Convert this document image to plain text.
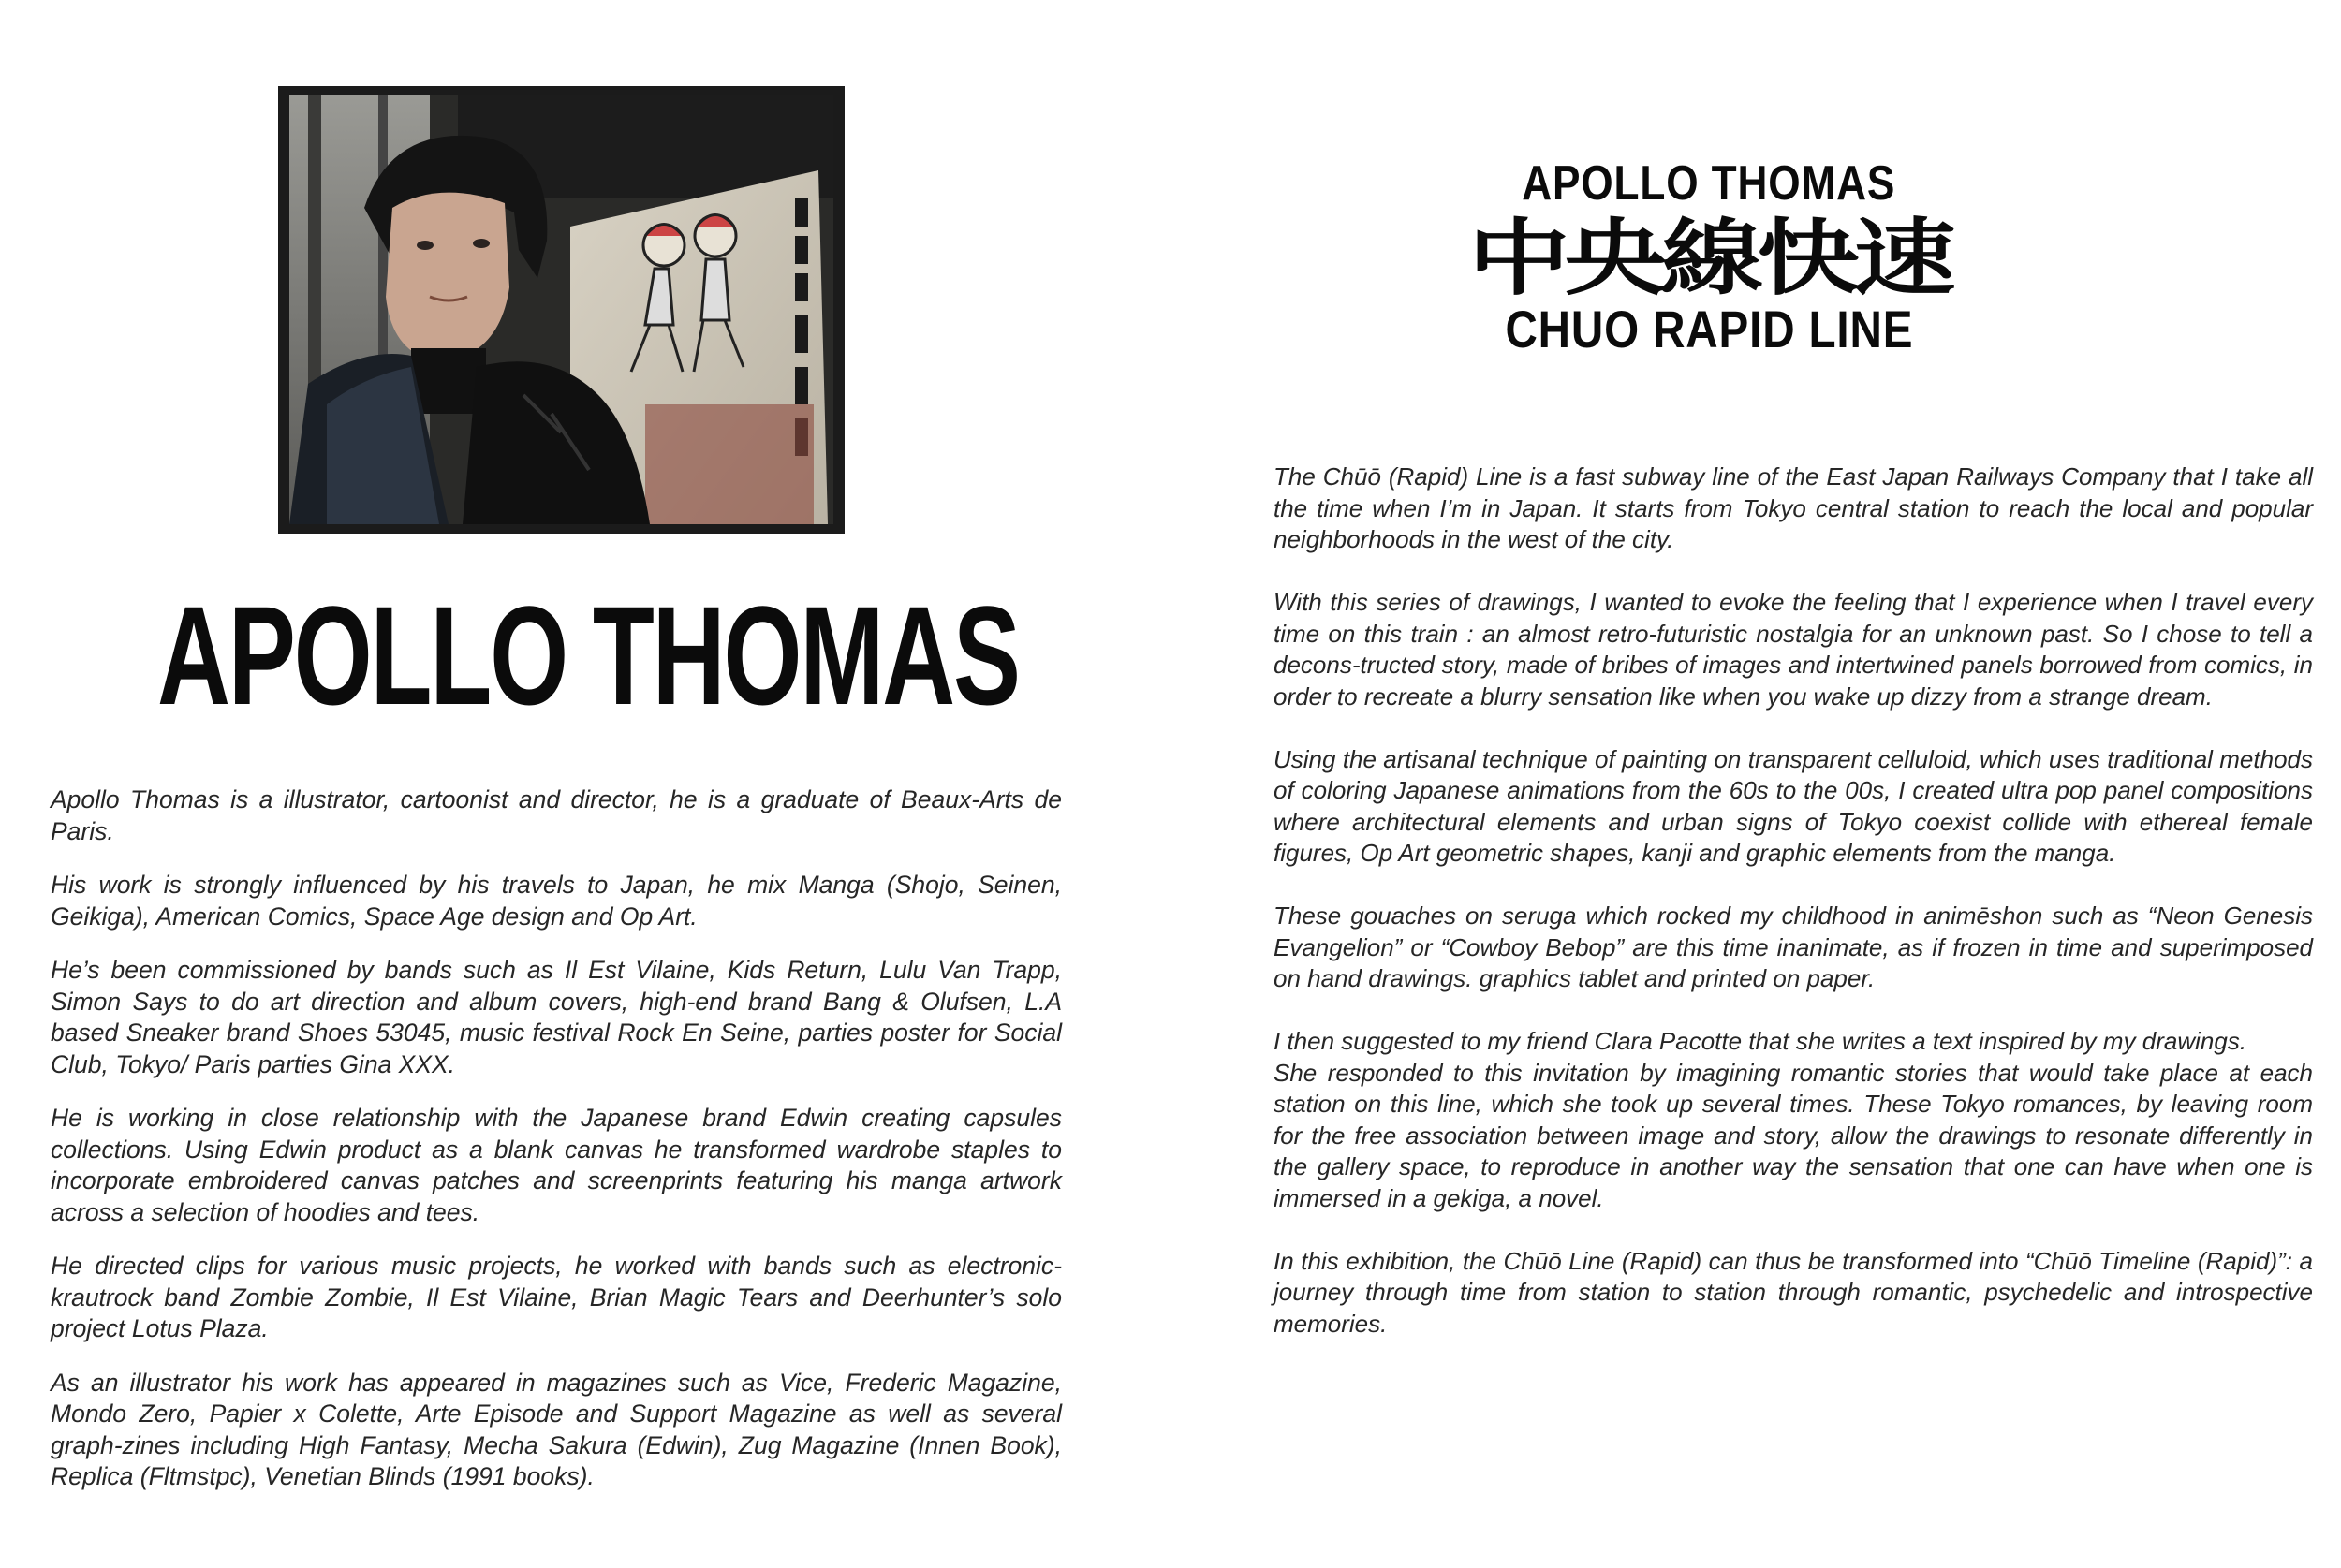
APOLLO THOMAS

Apollo Thomas is a illustrator, cartoonist and director, he is a graduate of Beaux-Arts de Paris.

His work is strongly influenced by his travels to Japan, he mix Manga (Shojo, Seinen, Geikiga), American Comics, Space Age design and Op Art.

He’s been commissioned by bands such as Il Est Vilaine, Kids Return, Lulu Van Trapp, Simon Says to do art direction and album covers, high-end brand Bang & Olufsen, L.A based Sneaker brand Shoes 53045, music festival Rock En Seine, parties poster for Social Club, Tokyo/ Paris parties Gina XXX.

He is working in close relationship with the Japanese brand Edwin creating capsules collections. Using Edwin product as a blank canvas he transformed wardrobe staples to incorporate embroidered canvas patches and screenprints featuring his manga artwork across a selection of hoodies and tees.

He directed clips for various music projects, he worked with bands such as electronic-krautrock band Zombie Zombie, Il Est Vilaine, Brian Magic Tears and Deerhunter’s solo project Lotus Plaza.

As an illustrator his work has appeared in magazines such as Vice, Frederic Magazine, Mondo Zero, Papier x Colette, Arte Episode and Support Magazine as well as several graph-zines including High Fantasy, Mecha Sakura (Edwin), Zug Magazine (Innen Book), Replica (Fltmstpc), Venetian Blinds (1991 books).

APOLLO THOMAS
中央線快速
CHUO RAPID LINE

The Chūō (Rapid) Line is a fast subway line of the East Japan Railways Company that I take all the time when I’m in Japan. It starts from Tokyo central station to reach the local and popular neighborhoods in the west of the city.

With this series of drawings, I wanted to evoke the feeling that I experience when I travel every time on this train : an almost retro-futuristic nostalgia for an unknown past. So I chose to tell a decons-tructed story, made of bribes of images and intertwined panels borrowed from comics, in order to recreate a blurry sensation like when you wake up dizzy from a strange dream.

Using the artisanal technique of painting on transparent celluloid, which uses traditional methods of coloring Japanese animations from the 60s to the 00s, I created ultra pop panel compositions where architectural elements and urban signs of Tokyo coexist collide with ethereal female figures, Op Art geometric shapes, kanji and graphic elements from the manga.

These gouaches on seruga which rocked my childhood in animēshon such as “Neon Genesis Evangelion” or “Cowboy Bebop” are this time inanimate, as if frozen in time and superimposed on hand drawings. graphics tablet and printed on paper.

I then suggested to my friend Clara Pacotte that she writes a text inspired by my drawings.

She responded to this invitation by imagining romantic stories that would take place at each station on this line, which she took up several times. These Tokyo romances, by leaving room for the free association between image and story, allow the drawings to resonate differently in the gallery space, to reproduce in another way the sensation that one can have when one is immersed in a gekiga, a novel.

In this exhibition, the Chūō Line (Rapid) can thus be transformed into “Chūō Timeline (Rapid)”: a journey through time from station to station through romantic, psychedelic and introspective memories.
